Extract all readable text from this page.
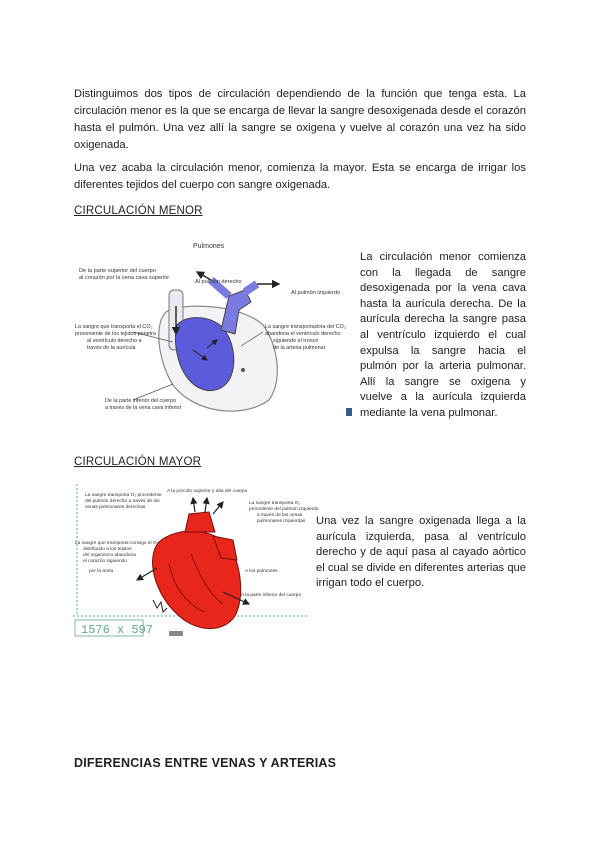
Distinguimos dos tipos de circulación dependiendo de la función que tenga esta. La circulación menor es la que se encarga de llevar la sangre desoxigenada desde el corazón hasta el pulmón. Una vez allí la sangre se oxigena y vuelve al corazón una vez ha sido oxigenada.

Una vez acaba la circulación menor, comienza la mayor. Esta se encarga de irrigar los diferentes tejidos del cuerpo con sangre oxigenada.

CIRCULACIÓN MENOR

Pulmones
De la parte superior del cuerpo
al corazón por la vena cava superior
Al pulmón derecho
Al pulmón izquierdo
La sangre que transporta el CO₂
proveniente de los tejidos penetra
al ventrículo derecho a
través de la aurícula
La sangre transportadora del CO₂
abandona el ventrículo derecho
siguiendo el tronco
de la arteria pulmonar
De la parte inferior del cuerpo
a través de la vena cava inferior

La circulación menor comienza con la llegada de sangre desoxigenada por la vena cava hasta la aurícula derecha. De la aurícula derecha la sangre pasa al ventrículo izquierdo el cual expulsa la sangre hacia el pulmón por la arteria pulmonar. Allí la sangre se oxigena y vuelve a la aurícula izquierda mediante la vena pulmonar.

CIRCULACIÓN MAYOR

La sangre transporta O₂ procedente
del pulmón derecho a través de las
venas pulmonares derechas
A la porción superior y alta del cuerpo
La sangre transporta O₂
procedente del pulmón izquierdo
a través de las venas
pulmonares izquierdas
La sangre que transporta consigo el O₂
distribuido a los tejidos
del organismo abandona
el corazón siguiendo
por la aorta	A los pulmones
A la parte inferior del cuerpo
1576 x 597

Una vez la sangre oxigenada llega a la aurícula izquierda, pasa al ventrículo derecho y de aquí pasa al cayado aórtico el cual se divide en diferentes arterias que irrigan todo el cuerpo.

DIFERENCIAS ENTRE VENAS Y ARTERIAS
